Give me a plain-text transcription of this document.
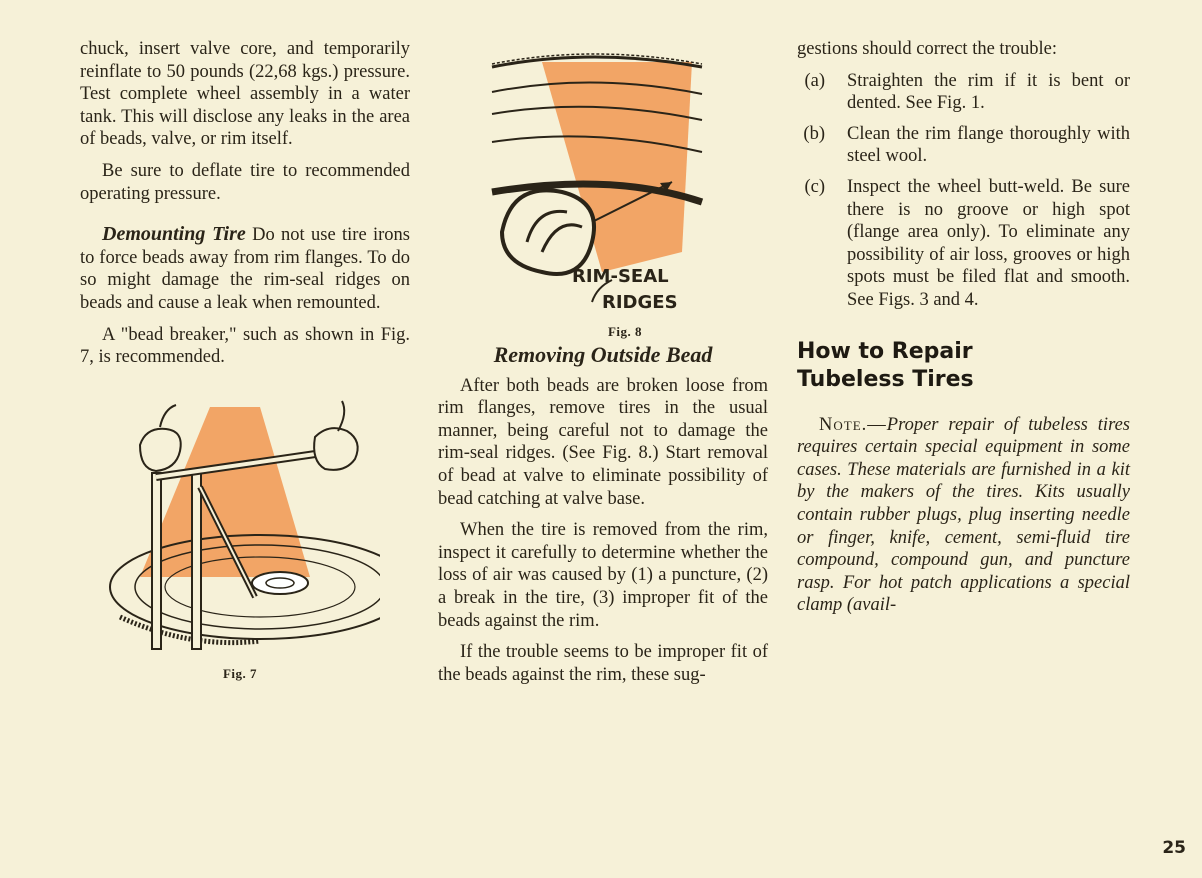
chuck, insert valve core, and temporarily reinflate to 50 pounds (22,68 kgs.) pressure. Test complete wheel assembly in a water tank. This will disclose any leaks in the area of beads, valve, or rim itself.

Be sure to deflate tire to recommended operating pressure.

Demounting Tire Do not use tire irons to force beads away from rim flanges. To do so might damage the rim-seal ridges on beads and cause a leak when remounted.

A "bead breaker," such as shown in Fig. 7, is recommended.

Fig. 7
RIM-SEAL
RIDGES
Fig. 8
Removing Outside Bead

After both beads are broken loose from rim flanges, remove tires in the usual manner, being careful not to damage the rim-seal ridges. (See Fig. 8.) Start removal of bead at valve to eliminate possibility of bead catching at valve base.

When the tire is removed from the rim, inspect it carefully to determine whether the loss of air was caused by (1) a puncture, (2) a break in the tire, (3) improper fit of the beads against the rim.

If the trouble seems to be improper fit of the beads against the rim, these sug-

gestions should correct the trouble:

(a)	Straighten the rim if it is bent or dented. See Fig. 1.
(b)	Clean the rim flange thoroughly with steel wool.
(c)	Inspect the wheel butt-weld. Be sure there is no groove or high spot (flange area only). To eliminate any possibility of air loss, grooves or high spots must be filed flat and smooth. See Figs. 3 and 4.
How to Repair
Tubeless Tires

Note.—Proper repair of tubeless tires requires certain special equipment in some cases. These materials are furnished in a kit by the makers of the tires. Kits usually contain rubber plugs, plug inserting needle or finger, knife, cement, semi-fluid tire compound, compound gun, and puncture rasp. For hot patch applications a special clamp (avail-

25
